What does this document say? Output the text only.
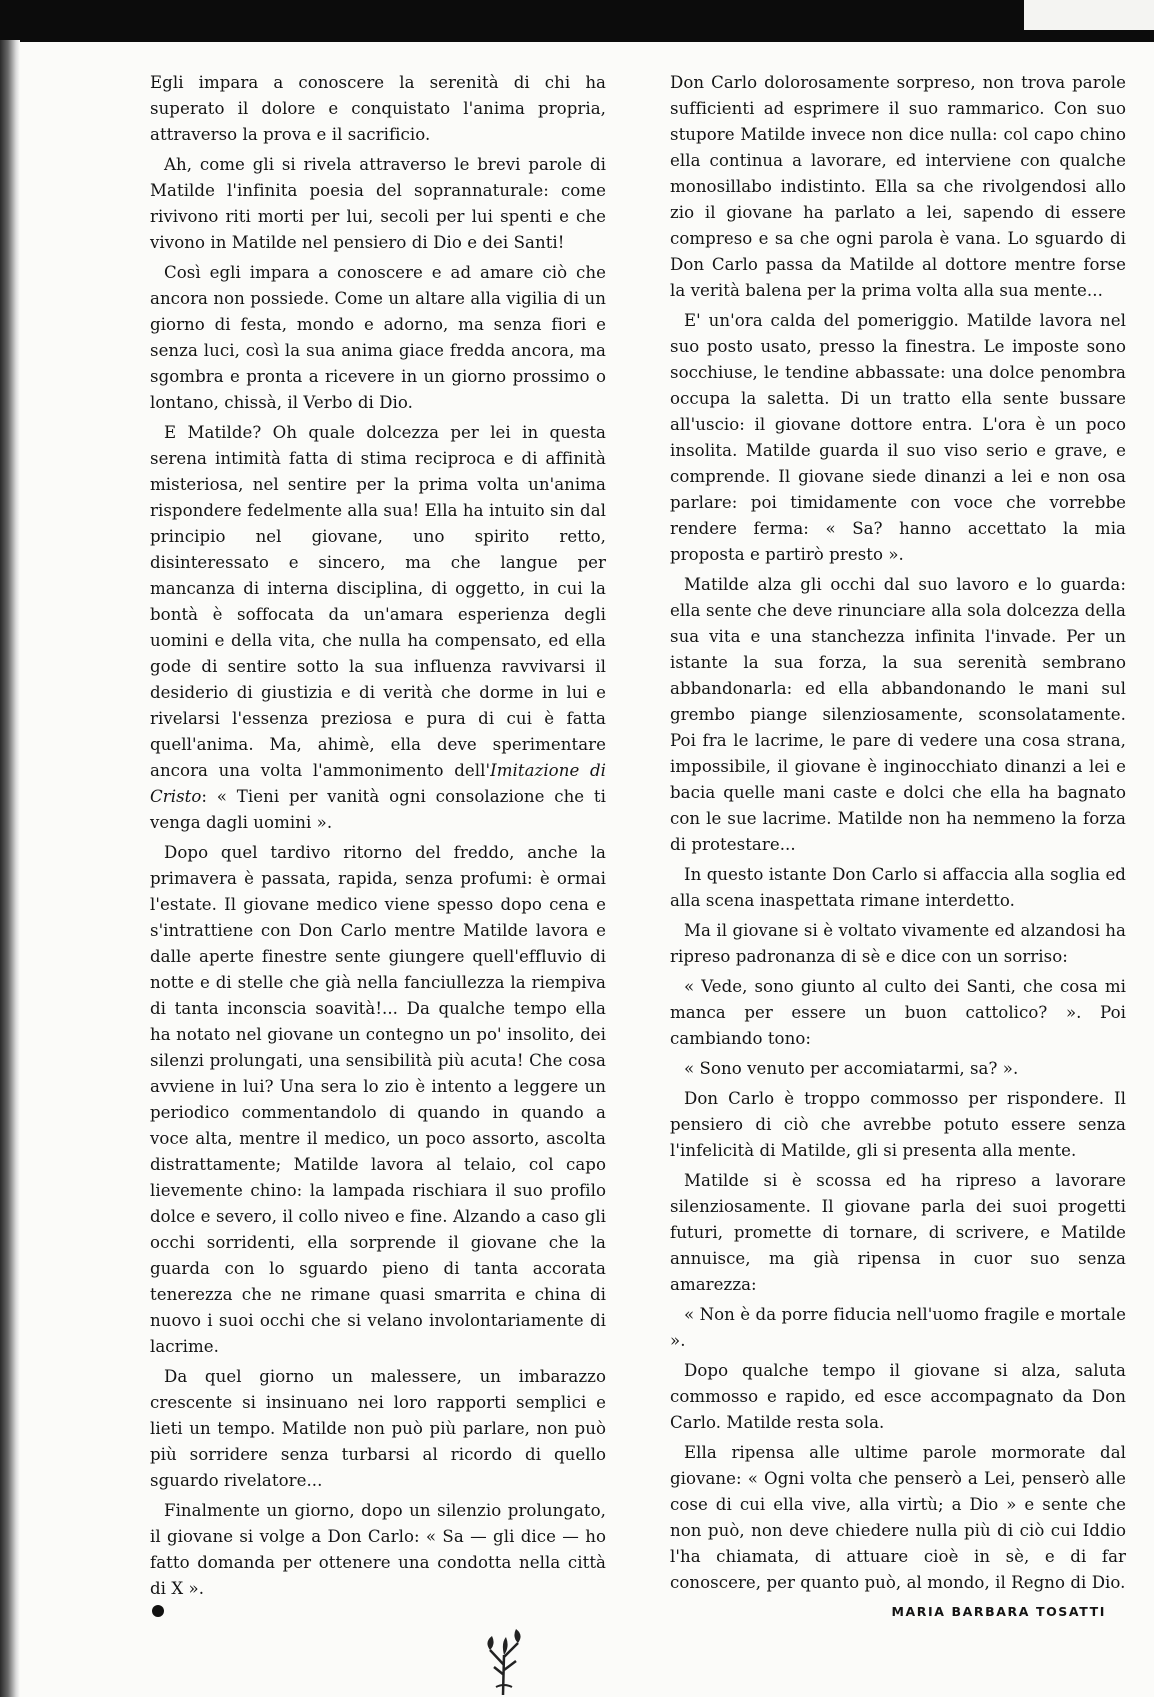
Egli impara a conoscere la serenità di chi ha superato il dolore e conquistato l'anima propria, attraverso la prova e il sacrificio.

Ah, come gli si rivela attraverso le brevi parole di Matilde l'infinita poesia del soprannaturale: come rivivono riti morti per lui, secoli per lui spenti e che vivono in Matilde nel pensiero di Dio e dei Santi!

Così egli impara a conoscere e ad amare ciò che ancora non possiede. Come un altare alla vigilia di un giorno di festa, mondo e adorno, ma senza fiori e senza luci, così la sua anima giace fredda ancora, ma sgombra e pronta a ricevere in un giorno prossimo o lontano, chissà, il Verbo di Dio.

E Matilde? Oh quale dolcezza per lei in questa serena intimità fatta di stima reciproca e di affinità misteriosa, nel sentire per la prima volta un'anima rispondere fedelmente alla sua! Ella ha intuito sin dal principio nel giovane, uno spirito retto, disinteressato e sincero, ma che langue per mancanza di interna disciplina, di oggetto, in cui la bontà è soffocata da un'amara esperienza degli uomini e della vita, che nulla ha compensato, ed ella gode di sentire sotto la sua influenza ravvivarsi il desiderio di giustizia e di verità che dorme in lui e rivelarsi l'essenza preziosa e pura di cui è fatta quell'anima. Ma, ahimè, ella deve sperimentare ancora una volta l'ammonimento dell'Imitazione di Cristo: « Tieni per vanità ogni consolazione che ti venga dagli uomini ».

Dopo quel tardivo ritorno del freddo, anche la primavera è passata, rapida, senza profumi: è ormai l'estate. Il giovane medico viene spesso dopo cena e s'intrattiene con Don Carlo mentre Matilde lavora e dalle aperte finestre sente giungere quell'effluvio di notte e di stelle che già nella fanciullezza la riempiva di tanta inconscia soavità!... Da qualche tempo ella ha notato nel giovane un contegno un po' insolito, dei silenzi prolungati, una sensibilità più acuta! Che cosa avviene in lui? Una sera lo zio è intento a leggere un periodico commentandolo di quando in quando a voce alta, mentre il medico, un poco assorto, ascolta distrattamente; Matilde lavora al telaio, col capo lievemente chino: la lampada rischiara il suo profilo dolce e severo, il collo niveo e fine. Alzando a caso gli occhi sorridenti, ella sorprende il giovane che la guarda con lo sguardo pieno di tanta accorata tenerezza che ne rimane quasi smarrita e china di nuovo i suoi occhi che si velano involontariamente di lacrime.

Da quel giorno un malessere, un imbarazzo crescente si insinuano nei loro rapporti semplici e lieti un tempo. Matilde non può più parlare, non può più sorridere senza turbarsi al ricordo di quello sguardo rivelatore...

Finalmente un giorno, dopo un silenzio prolungato, il giovane si volge a Don Carlo: « Sa — gli dice — ho fatto domanda per ottenere una condotta nella città di X ».

Don Carlo dolorosamente sorpreso, non trova parole sufficienti ad esprimere il suo rammarico. Con suo stupore Matilde invece non dice nulla: col capo chino ella continua a lavorare, ed interviene con qualche monosillabo indistinto. Ella sa che rivolgendosi allo zio il giovane ha parlato a lei, sapendo di essere compreso e sa che ogni parola è vana. Lo sguardo di Don Carlo passa da Matilde al dottore mentre forse la verità balena per la prima volta alla sua mente...

E' un'ora calda del pomeriggio. Matilde lavora nel suo posto usato, presso la finestra. Le imposte sono socchiuse, le tendine abbassate: una dolce penombra occupa la saletta. Di un tratto ella sente bussare all'uscio: il giovane dottore entra. L'ora è un poco insolita. Matilde guarda il suo viso serio e grave, e comprende. Il giovane siede dinanzi a lei e non osa parlare: poi timidamente con voce che vorrebbe rendere ferma: « Sa? hanno accettato la mia proposta e partirò presto ».

Matilde alza gli occhi dal suo lavoro e lo guarda: ella sente che deve rinunciare alla sola dolcezza della sua vita e una stanchezza infinita l'invade. Per un istante la sua forza, la sua serenità sembrano abbandonarla: ed ella abbandonando le mani sul grembo piange silenziosamente, sconsolatamente. Poi fra le lacrime, le pare di vedere una cosa strana, impossibile, il giovane è inginocchiato dinanzi a lei e bacia quelle mani caste e dolci che ella ha bagnato con le sue lacrime. Matilde non ha nemmeno la forza di protestare...

In questo istante Don Carlo si affaccia alla soglia ed alla scena inaspettata rimane interdetto.

Ma il giovane si è voltato vivamente ed alzandosi ha ripreso padronanza di sè e dice con un sorriso:

« Vede, sono giunto al culto dei Santi, che cosa mi manca per essere un buon cattolico? ». Poi cambiando tono:

« Sono venuto per accomiatarmi, sa? ».

Don Carlo è troppo commosso per rispondere. Il pensiero di ciò che avrebbe potuto essere senza l'infelicità di Matilde, gli si presenta alla mente.

Matilde si è scossa ed ha ripreso a lavorare silenziosamente. Il giovane parla dei suoi progetti futuri, promette di tornare, di scrivere, e Matilde annuisce, ma già ripensa in cuor suo senza amarezza:

« Non è da porre fiducia nell'uomo fragile e mortale ».

Dopo qualche tempo il giovane si alza, saluta commosso e rapido, ed esce accompagnato da Don Carlo. Matilde resta sola.

Ella ripensa alle ultime parole mormorate dal giovane: « Ogni volta che penserò a Lei, penserò alle cose di cui ella vive, alla virtù; a Dio » e sente che non può, non deve chiedere nulla più di ciò cui Iddio l'ha chiamata, di attuare cioè in sè, e di far conoscere, per quanto può, al mondo, il Regno di Dio.

MARIA BARBARA TOSATTI
